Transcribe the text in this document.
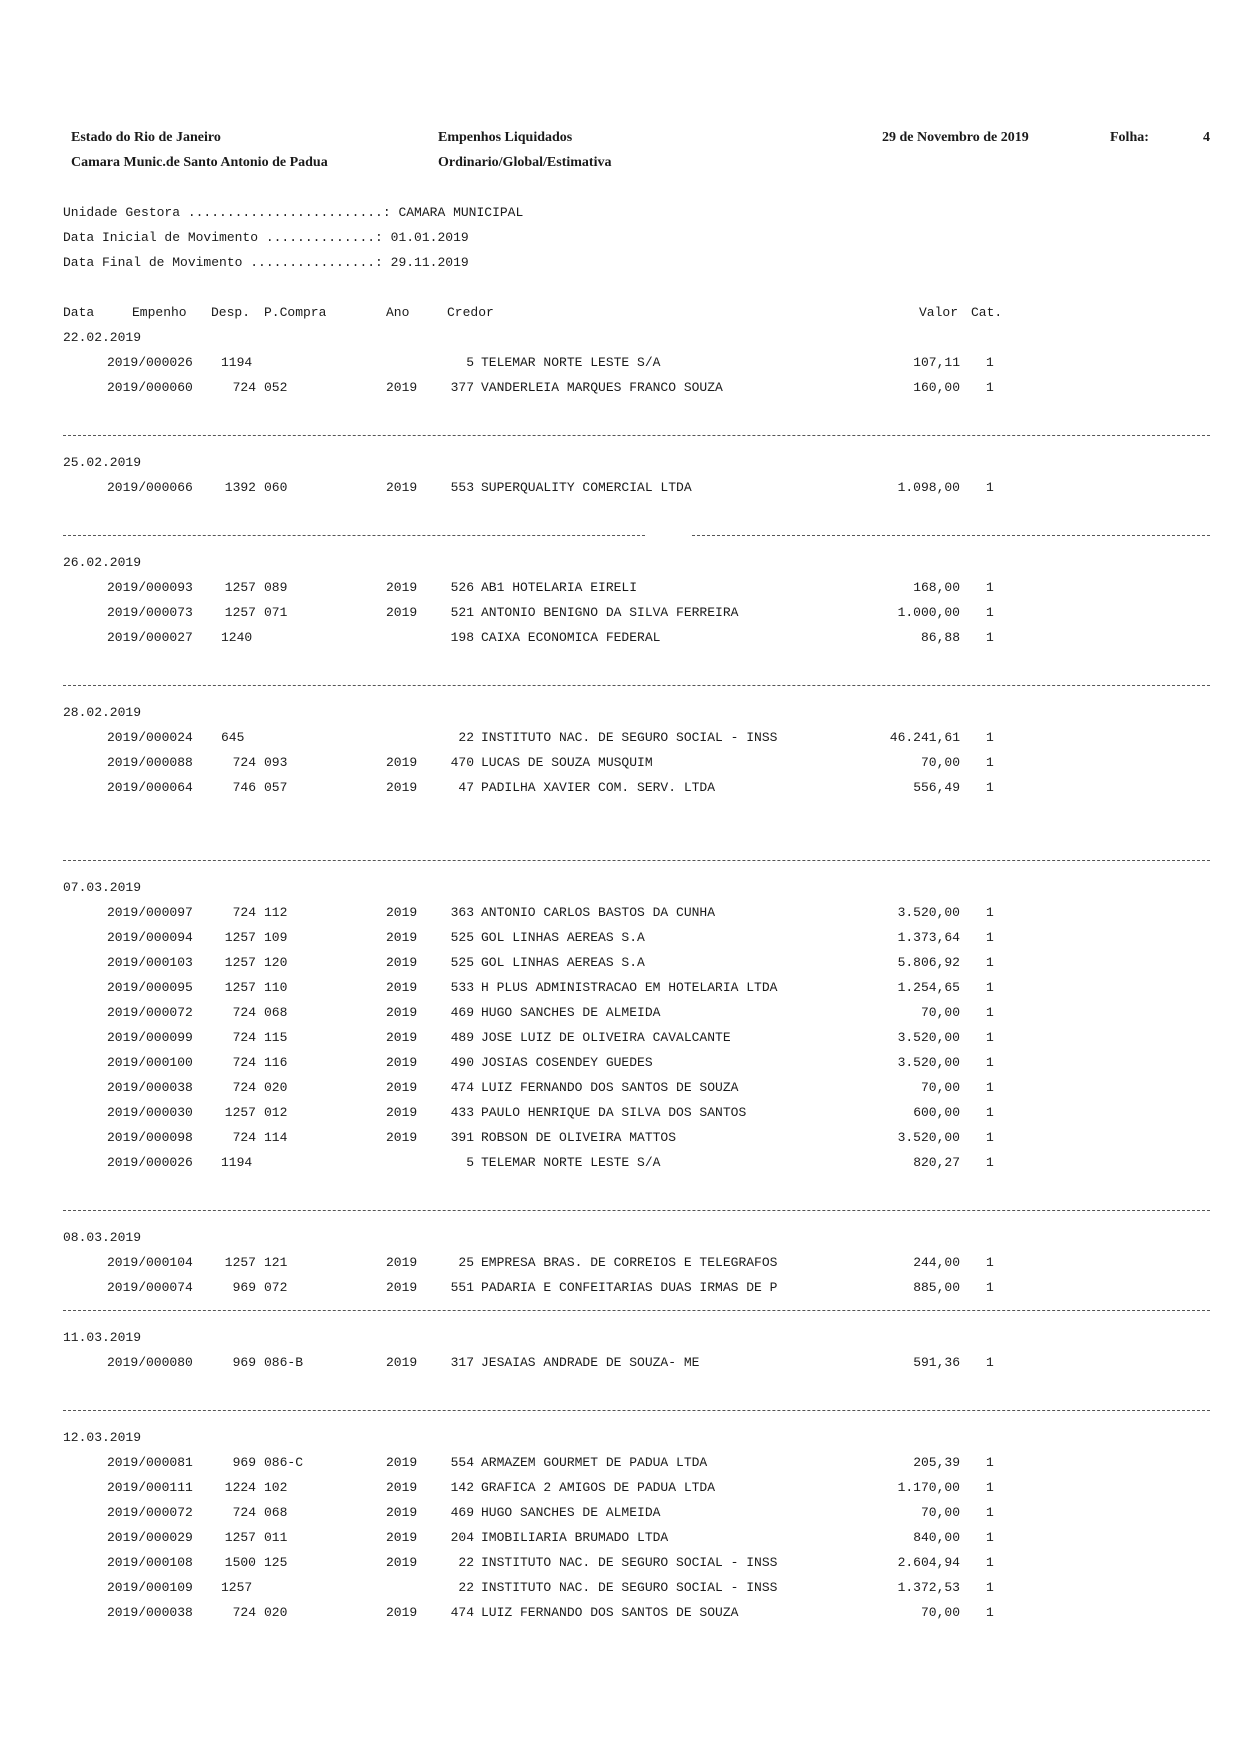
Estado do Rio de Janeiro
Camara Munic.de Santo Antonio de Padua
Empenhos Liquidados
Ordinario/Global/Estimativa
29 de Novembro de 2019	Folha:	4
Unidade Gestora .........................: CAMARA MUNICIPAL
Data Inicial de Movimento ..............: 01.01.2019
Data Final de Movimento ................: 29.11.2019
Data	Empenho Desp. P.Compra	Ano	Credor	Valor Cat.
22.02.2019
2019/000026 1194	5 TELEMAR NORTE LESTE S/A	107,11 1
2019/000060	724 052	2019	377 VANDERLEIA MARQUES FRANCO SOUZA	160,00 1
25.02.2019
2019/000066	1392 060	2019	553 SUPERQUALITY COMERCIAL LTDA	1.098,00 1
26.02.2019
2019/000093	1257 089	2019	526 AB1 HOTELARIA EIRELI	168,00 1
2019/000073	1257 071	2019	521 ANTONIO BENIGNO DA SILVA FERREIRA	1.000,00 1
2019/000027 1240	198 CAIXA ECONOMICA FEDERAL	86,88 1
28.02.2019
2019/000024 645	22 INSTITUTO NAC. DE SEGURO SOCIAL - INSS	46.241,61 1
2019/000088	724 093	2019	470 LUCAS DE SOUZA MUSQUIM	70,00 1
2019/000064	746 057	2019	47 PADILHA XAVIER COM. SERV. LTDA	556,49 1
07.03.2019
2019/000097	724 112	2019	363 ANTONIO CARLOS BASTOS DA CUNHA	3.520,00 1
2019/000094	1257 109	2019	525 GOL LINHAS AEREAS S.A	1.373,64 1
2019/000103	1257 120	2019	525 GOL LINHAS AEREAS S.A	5.806,92 1
2019/000095	1257 110	2019	533 H PLUS ADMINISTRACAO EM HOTELARIA LTDA	1.254,65 1
2019/000072	724 068	2019	469 HUGO SANCHES DE ALMEIDA	70,00 1
2019/000099	724 115	2019	489 JOSE LUIZ DE OLIVEIRA CAVALCANTE	3.520,00 1
2019/000100	724 116	2019	490 JOSIAS COSENDEY GUEDES	3.520,00 1
2019/000038	724 020	2019	474 LUIZ FERNANDO DOS SANTOS DE SOUZA	70,00 1
2019/000030	1257 012	2019	433 PAULO HENRIQUE DA SILVA DOS SANTOS	600,00 1
2019/000098	724 114	2019	391 ROBSON DE OLIVEIRA MATTOS	3.520,00 1
2019/000026 1194	5 TELEMAR NORTE LESTE S/A	820,27 1
08.03.2019
2019/000104	1257 121	2019	25 EMPRESA BRAS. DE CORREIOS E TELEGRAFOS	244,00 1
2019/000074	969 072	2019	551 PADARIA E CONFEITARIAS DUAS IRMAS DE P	885,00 1
11.03.2019
2019/000080	969 086-B	2019	317 JESAIAS ANDRADE DE SOUZA- ME	591,36 1
12.03.2019
2019/000081	969 086-C	2019	554 ARMAZEM GOURMET DE PADUA LTDA	205,39 1
2019/000111	1224 102	2019	142 GRAFICA 2 AMIGOS DE PADUA LTDA	1.170,00 1
2019/000072	724 068	2019	469 HUGO SANCHES DE ALMEIDA	70,00 1
2019/000029	1257 011	2019	204 IMOBILIARIA BRUMADO LTDA	840,00 1
2019/000108	1500 125	2019	22 INSTITUTO NAC. DE SEGURO SOCIAL - INSS	2.604,94 1
2019/000109 1257	22 INSTITUTO NAC. DE SEGURO SOCIAL - INSS	1.372,53 1
2019/000038	724 020	2019	474 LUIZ FERNANDO DOS SANTOS DE SOUZA	70,00 1
